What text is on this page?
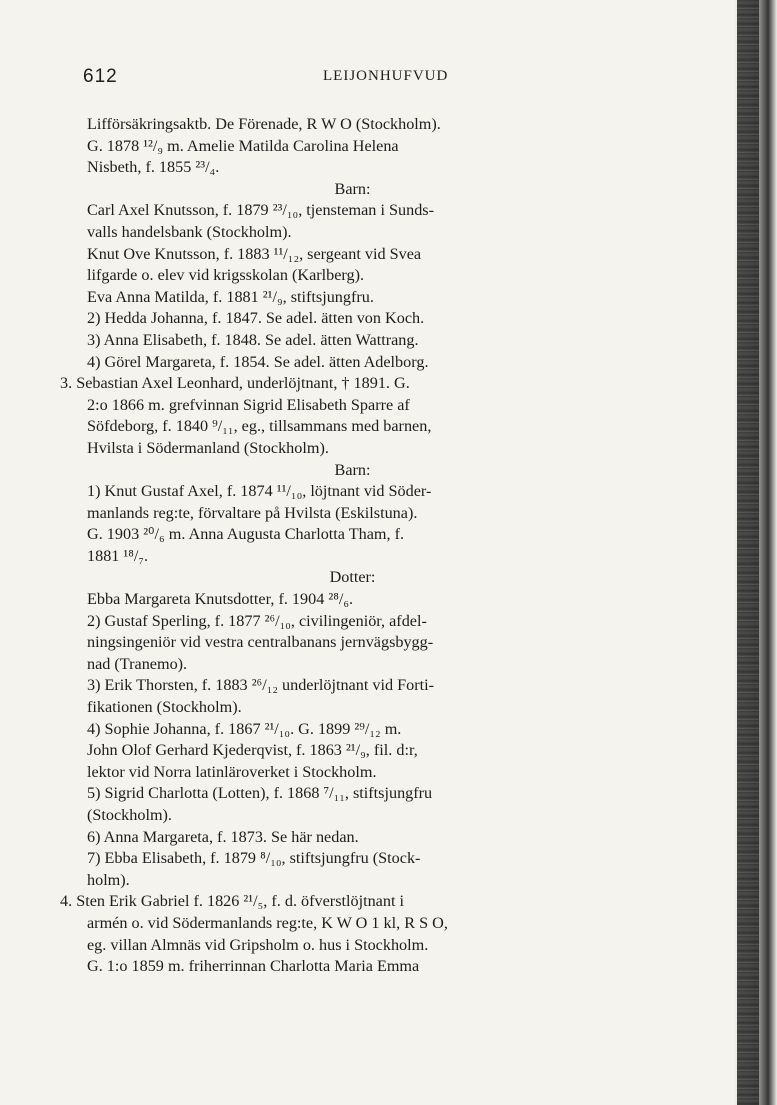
612	LEIJONHUFVUD
Lifförsäkringsaktb. De Förenade, R W O (Stockholm).
G. 1878 ¹²/₉ m. Amelie Matilda Carolina Helena
Nisbeth, f. 1855 ²³/₄.
Barn:
Carl Axel Knutsson, f. 1879 ²³/₁₀, tjensteman i Sunds-
valls handelsbank (Stockholm).
Knut Ove Knutsson, f. 1883 ¹¹/₁₂, sergeant vid Svea
lifgarde o. elev vid krigsskolan (Karlberg).
Eva Anna Matilda, f. 1881 ²¹/₉, stiftsjungfru.
2) Hedda Johanna, f. 1847. Se adel. ätten von Koch.
3) Anna Elisabeth, f. 1848. Se adel. ätten Wattrang.
4) Görel Margareta, f. 1854. Se adel. ätten Adelborg.
3. Sebastian Axel Leonhard, underlöjtnant, † 1891. G.
2:o 1866 m. grefvinnan Sigrid Elisabeth Sparre af
Söfdeborg, f. 1840 ⁹/₁₁, eg., tillsammans med barnen,
Hvilsta i Södermanland (Stockholm).
Barn:
1) Knut Gustaf Axel, f. 1874 ¹¹/₁₀, löjtnant vid Söder-
manlands reg:te, förvaltare på Hvilsta (Eskilstuna).
G. 1903 ²⁰/₆ m. Anna Augusta Charlotta Tham, f.
1881 ¹⁸/₇.
Dotter:
Ebba Margareta Knutsdotter, f. 1904 ²⁸/₆.
2) Gustaf Sperling, f. 1877 ²⁶/₁₀, civilingeniör, afdel-
ningsingeniör vid vestra centralbanans jernvägsbygg-
nad (Tranemo).
3) Erik Thorsten, f. 1883 ²⁶/₁₂ underlöjtnant vid Forti-
fikationen (Stockholm).
4) Sophie Johanna, f. 1867 ²¹/₁₀. G. 1899 ²⁹/₁₂ m.
John Olof Gerhard Kjederqvist, f. 1863 ²¹/₉, fil. d:r,
lektor vid Norra latinläroverket i Stockholm.
5) Sigrid Charlotta (Lotten), f. 1868 ⁷/₁₁, stiftsjungfru
(Stockholm).
6) Anna Margareta, f. 1873. Se här nedan.
7) Ebba Elisabeth, f. 1879 ⁸/₁₀, stiftsjungfru (Stock-
holm).
4. Sten Erik Gabriel f. 1826 ²¹/₅, f. d. öfverstlöjtnant i
armén o. vid Södermanlands reg:te, K W O 1 kl, R S O,
eg. villan Almnäs vid Gripsholm o. hus i Stockholm.
G. 1:o 1859 m. friherrinnan Charlotta Maria Emma
